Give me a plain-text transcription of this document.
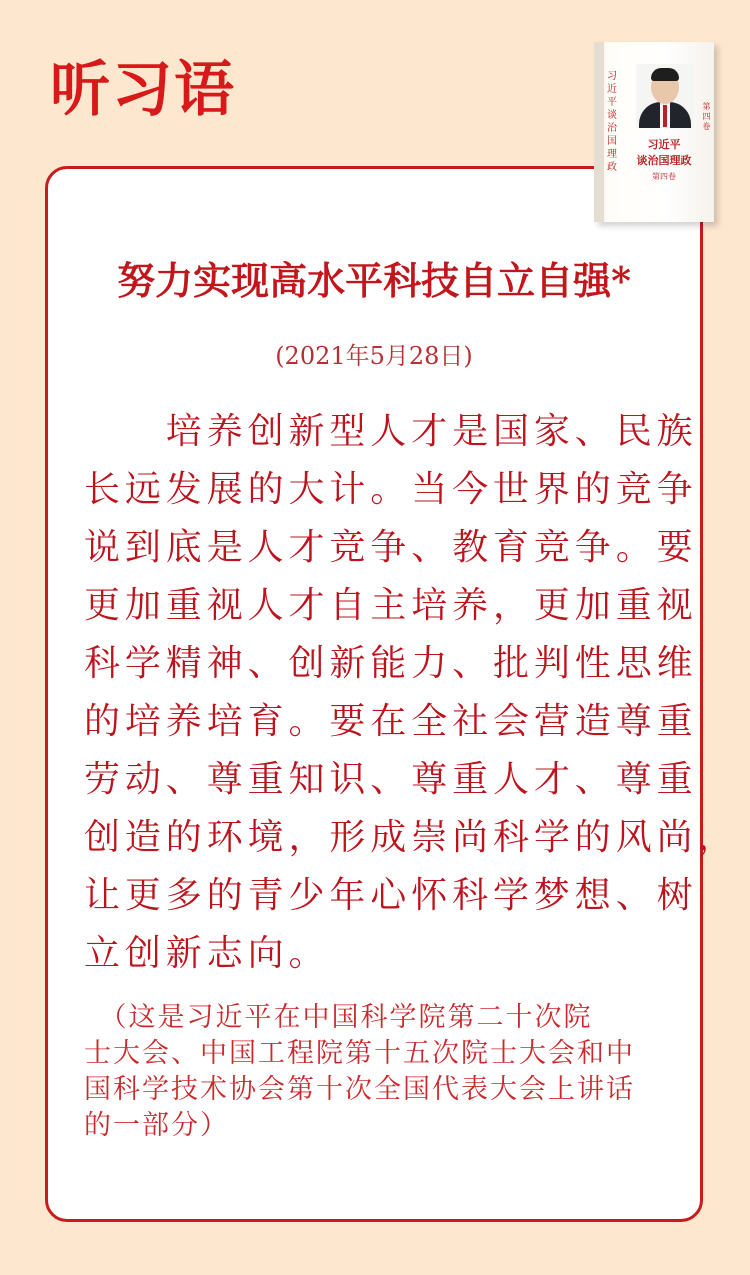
听习语	习近平谈治国理政
习近平
谈治国理政
第四卷
第四卷
努力实现高水平科技自立自强*
(2021年5月28日)
　　培养创新型人才是国家、民族
长远发展的大计。当今世界的竞争
说到底是人才竞争、教育竞争。要
更加重视人才自主培养，更加重视
科学精神、创新能力、批判性思维
的培养培育。要在全社会营造尊重
劳动、尊重知识、尊重人才、尊重
创造的环境，形成崇尚科学的风尚，
让更多的青少年心怀科学梦想、树
立创新志向。
　（这是习近平在中国科学院第二十次院
士大会、中国工程院第十五次院士大会和中
国科学技术协会第十次全国代表大会上讲话
的一部分）
